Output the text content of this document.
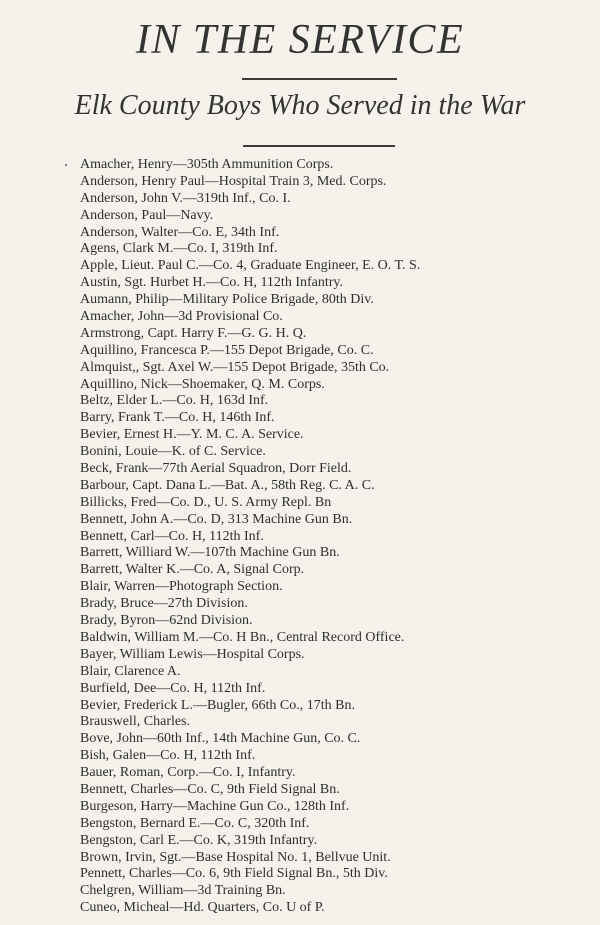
IN THE SERVICE
Elk County Boys Who Served in the War
Amacher, Henry—305th Ammunition Corps.
Anderson, Henry Paul—Hospital Train 3, Med. Corps.
Anderson, John V.—319th Inf., Co. I.
Anderson, Paul—Navy.
Anderson, Walter—Co. E, 34th Inf.
Agens, Clark M.—Co. I, 319th Inf.
Apple, Lieut. Paul C.—Co. 4, Graduate Engineer, E. O. T. S.
Austin, Sgt. Hurbet H.—Co. H, 112th Infantry.
Aumann, Philip—Military Police Brigade, 80th Div.
Amacher, John—3d Provisional Co.
Armstrong, Capt. Harry F.—G. G. H. Q.
Aquillino, Francesca P.—155 Depot Brigade, Co. C.
Almquist,, Sgt. Axel W.—155 Depot Brigade, 35th Co.
Aquillino, Nick—Shoemaker, Q. M. Corps.
Beltz, Elder L.—Co. H, 163d Inf.
Barry, Frank T.—Co. H, 146th Inf.
Bevier, Ernest H.—Y. M. C. A. Service.
Bonini, Louie—K. of C. Service.
Beck, Frank—77th Aerial Squadron, Dorr Field.
Barbour, Capt. Dana L.—Bat. A., 58th Reg. C. A. C.
Billicks, Fred—Co. D., U. S. Army Repl. Bn
Bennett, John A.—Co. D, 313 Machine Gun Bn.
Bennett, Carl—Co. H, 112th Inf.
Barrett, Williard W.—107th Machine Gun Bn.
Barrett, Walter K.—Co. A, Signal Corp.
Blair, Warren—Photograph Section.
Brady, Bruce—27th Division.
Brady, Byron—62nd Division.
Baldwin, William M.—Co. H Bn., Central Record Office.
Bayer, William Lewis—Hospital Corps.
Blair, Clarence A.
Burfield, Dee—Co. H, 112th Inf.
Bevier, Frederick L.—Bugler, 66th Co., 17th Bn.
Brauswell, Charles.
Bove, John—60th Inf., 14th Machine Gun, Co. C.
Bish, Galen—Co. H, 112th Inf.
Bauer, Roman, Corp.—Co. I, Infantry.
Bennett, Charles—Co. C, 9th Field Signal Bn.
Burgeson, Harry—Machine Gun Co., 128th Inf.
Bengston, Bernard E.—Co. C, 320th Inf.
Bengston, Carl E.—Co. K, 319th Infantry.
Brown, Irvin, Sgt.—Base Hospital No. 1, Bellvue Unit.
Pennett, Charles—Co. 6, 9th Field Signal Bn., 5th Div.
Chelgren, William—3d Training Bn.
Cuneo, Micheal—Hd. Quarters, Co. U of P.
